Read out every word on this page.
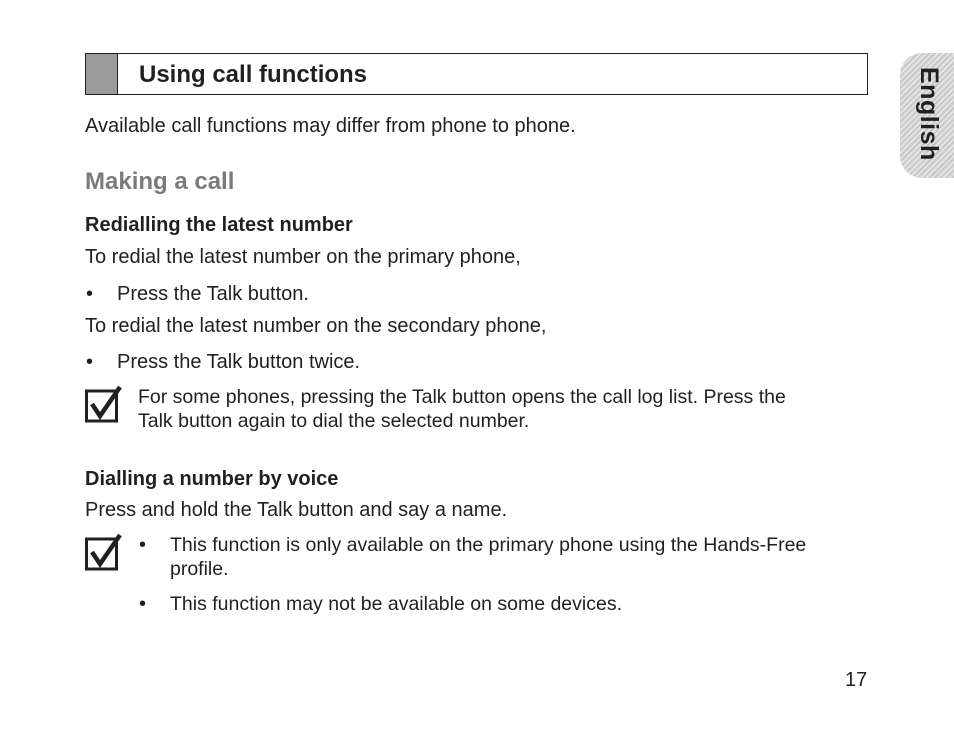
Using call functions	English
Available call functions may differ from phone to phone.
Making a call
Redialling the latest number
To redial the latest number on the primary phone,
• Press the Talk button.
To redial the latest number on the secondary phone,
• Press the Talk button twice.
For some phones, pressing the Talk button opens the call log list. Press the
Talk button again to dial the selected number.
Dialling a number by voice
Press and hold the Talk button and say a name.
• This function is only available on the primary phone using the Hands-Free
profile.
• This function may not be available on some devices.
17
